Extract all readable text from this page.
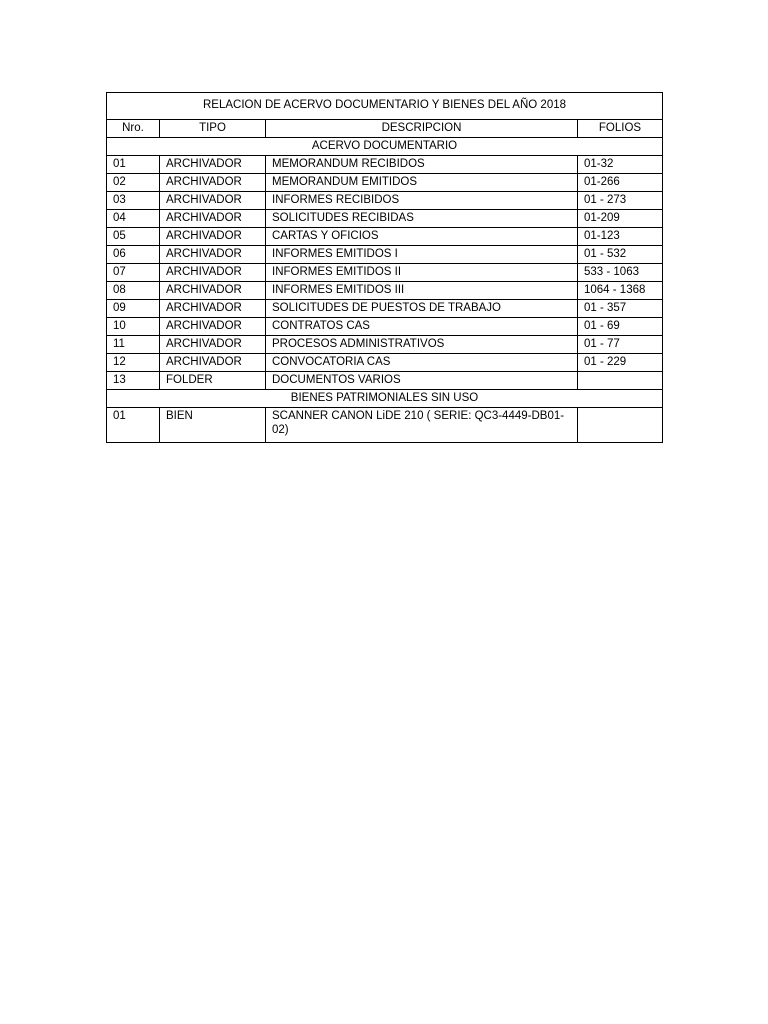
RELACION DE ACERVO DOCUMENTARIO Y BIENES DEL AÑO 2018			
Nro.	TIPO	DESCRIPCION	FOLIOS
ACERVO DOCUMENTARIO			
01	ARCHIVADOR	MEMORANDUM RECIBIDOS	01-32
02	ARCHIVADOR	MEMORANDUM EMITIDOS	01-266
03	ARCHIVADOR	INFORMES RECIBIDOS	01 - 273
04	ARCHIVADOR	SOLICITUDES RECIBIDAS	01-209
05	ARCHIVADOR	CARTAS Y OFICIOS	01-123
06	ARCHIVADOR	INFORMES EMITIDOS I	01 - 532
07	ARCHIVADOR	INFORMES EMITIDOS II	533 - 1063
08	ARCHIVADOR	INFORMES EMITIDOS III	1064 - 1368
09	ARCHIVADOR	SOLICITUDES DE PUESTOS DE TRABAJO	01 - 357
10	ARCHIVADOR	CONTRATOS CAS	01 - 69
11	ARCHIVADOR	PROCESOS ADMINISTRATIVOS	01 - 77
12	ARCHIVADOR	CONVOCATORIA CAS	01 - 229
13	FOLDER	DOCUMENTOS VARIOS	
BIENES PATRIMONIALES SIN USO			
01	BIEN	SCANNER CANON LiDE 210 ( SERIE: QC3-4449-DB01-02)	
